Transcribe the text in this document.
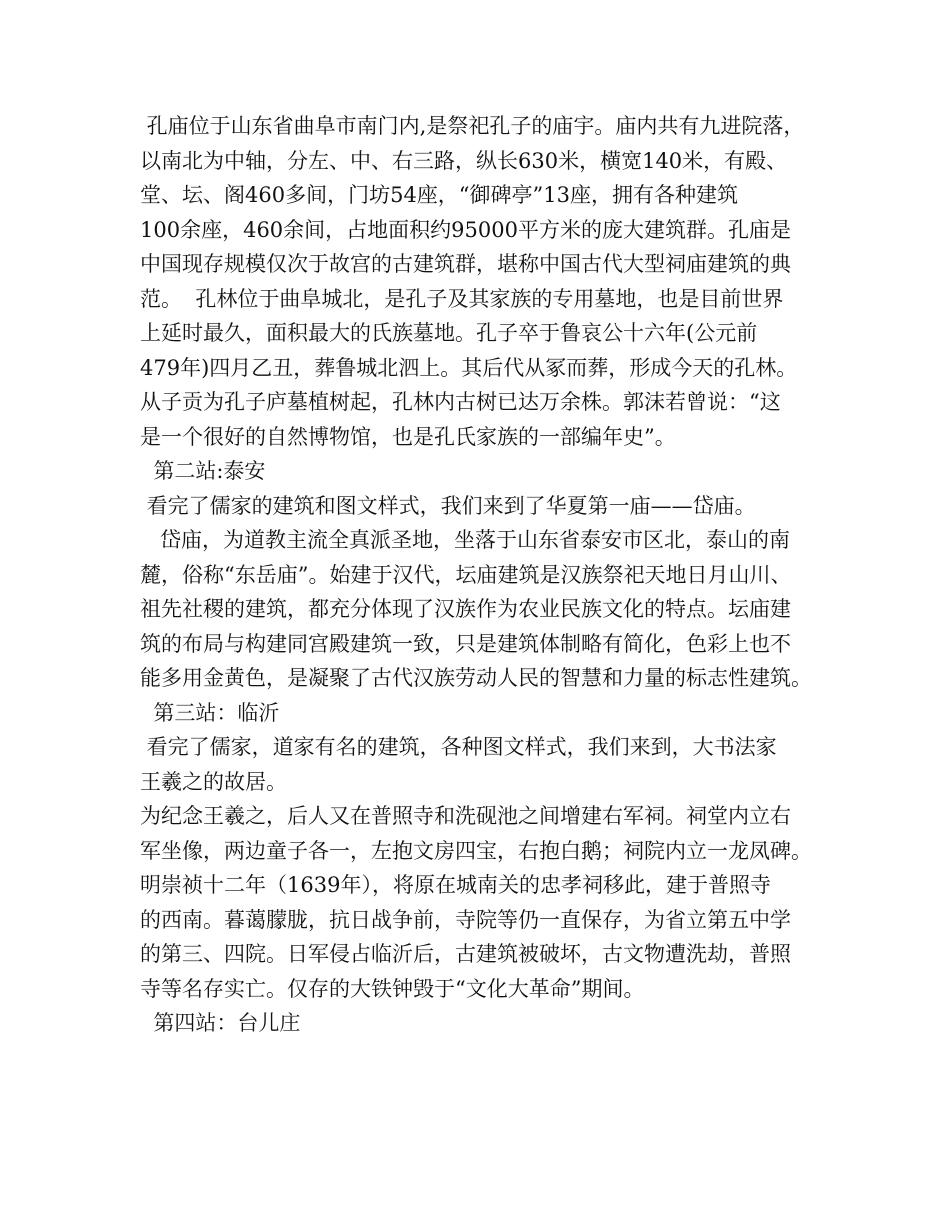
孔庙位于山东省曲阜市南门内,是祭祀孔子的庙宇。庙内共有九进院落，
以南北为中轴，分左、中、右三路，纵长630米，横宽140米，有殿、
堂、坛、阁460多间，门坊54座，“御碑亭”13座，拥有各种建筑
100余座，460余间，占地面积约95000平方米的庞大建筑群。孔庙是
中国现存规模仅次于故宫的古建筑群，堪称中国古代大型祠庙建筑的典
范。  孔林位于曲阜城北，是孔子及其家族的专用墓地，也是目前世界
上延时最久，面积最大的氏族墓地。孔子卒于鲁哀公十六年(公元前
479年)四月乙丑，葬鲁城北泗上。其后代从冢而葬，形成今天的孔林。
从子贡为孔子庐墓植树起，孔林内古树已达万余株。郭沫若曾说：“这
是一个很好的自然博物馆，也是孔氏家族的一部编年史”。
第二站:泰安
看完了儒家的建筑和图文样式，我们来到了华夏第一庙——岱庙。
岱庙，为道教主流全真派圣地，坐落于山东省泰安市区北，泰山的南
麓，俗称“东岳庙”。始建于汉代，坛庙建筑是汉族祭祀天地日月山川、
祖先社稷的建筑，都充分体现了汉族作为农业民族文化的特点。坛庙建
筑的布局与构建同宫殿建筑一致，只是建筑体制略有简化，色彩上也不
能多用金黄色，是凝聚了古代汉族劳动人民的智慧和力量的标志性建筑。
第三站：临沂
看完了儒家，道家有名的建筑，各种图文样式，我们来到，大书法家
王羲之的故居。
为纪念王羲之，后人又在普照寺和洗砚池之间增建右军祠。祠堂内立右
军坐像，两边童子各一，左抱文房四宝，右抱白鹅；祠院内立一龙凤碑。
明崇祯十二年（1639年），将原在城南关的忠孝祠移此，建于普照寺
的西南。暮蔼朦胧，抗日战争前，寺院等仍一直保存，为省立第五中学
的第三、四院。日军侵占临沂后，古建筑被破坏，古文物遭洗劫，普照
寺等名存实亡。仅存的大铁钟毁于“文化大革命”期间。
第四站：台儿庄
